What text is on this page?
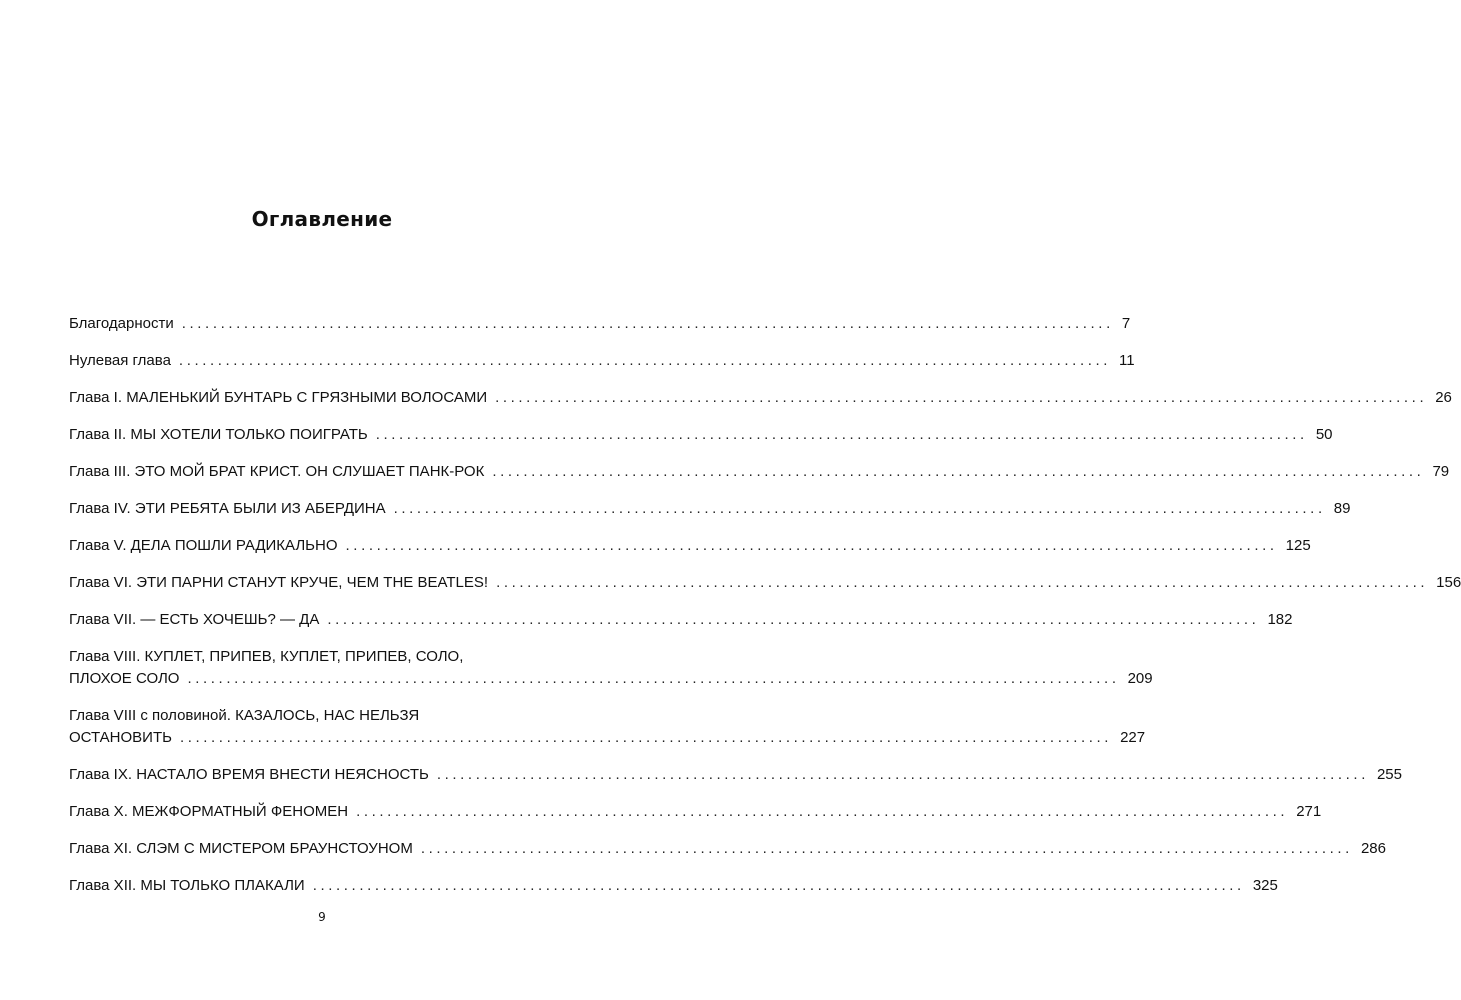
Оглавление
Благодарности ........................................................................................................................ 7
Нулевая глава ........................................................................................................................ 11
Глава I. МАЛЕНЬКИЙ БУНТАРЬ С ГРЯЗНЫМИ ВОЛОСАМИ ........................................................................................................................ 26
Глава II. МЫ ХОТЕЛИ ТОЛЬКО ПОИГРАТЬ ........................................................................................................................ 50
Глава III. ЭТО МОЙ БРАТ КРИСТ. ОН СЛУШАЕТ ПАНК-РОК ........................................................................................................................ 79
Глава IV. ЭТИ РЕБЯТА БЫЛИ ИЗ АБЕРДИНА ........................................................................................................................ 89
Глава V. ДЕЛА ПОШЛИ РАДИКАЛЬНО ........................................................................................................................ 125
Глава VI. ЭТИ ПАРНИ СТАНУТ КРУЧЕ, ЧЕМ THE BEATLES! ........................................................................................................................ 156
Глава VII. — ЕСТЬ ХОЧЕШЬ? — ДА ........................................................................................................................ 182
Глава VIII. КУПЛЕТ, ПРИПЕВ, КУПЛЕТ, ПРИПЕВ, СОЛО,
ПЛОХОЕ СОЛО ........................................................................................................................ 209
Глава VIII с половиной. КАЗАЛОСЬ, НАС НЕЛЬЗЯ
ОСТАНОВИТЬ ........................................................................................................................ 227
Глава IX. НАСТАЛО ВРЕМЯ ВНЕСТИ НЕЯСНОСТЬ ........................................................................................................................ 255
Глава X. МЕЖФОРМАТНЫЙ ФЕНОМЕН ........................................................................................................................ 271
Глава XI. СЛЭМ С МИСТЕРОМ БРАУНСТОУНОМ ........................................................................................................................ 286
Глава XII. МЫ ТОЛЬКО ПЛАКАЛИ ........................................................................................................................ 325
9
